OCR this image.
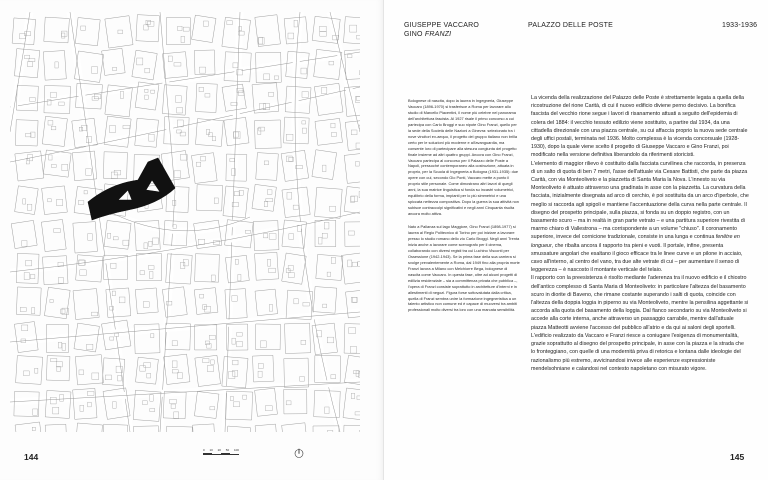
144
0 10 20 50 100
GIUSEPPE VACCARO
GINO FRANZI
PALAZZO DELLE POSTE	1933-1936

Bolognese di nascita, dopo la laurea in Ingegneria, Giuseppe Vaccaro (1896-1970) si trasferisce a Roma per lavorare allo studio di Marcello Piacentini, il nome più celebre nel panorama dell'architettura fascista. Al 1927 risale il primo concorso a cui partecipa con Carlo Broggi e suo nipote Gino Franzi, quello per la sede della Società delle Nazioni a Ginevra: selezionato tra i nove vincitori ex-aequo, il progetto del gruppo italiano non brilla certo per le soluzioni più moderne e all'avanguardia, ma consente loro di partecipare alla stesura congiunta del progetto finale insieme ad altri quattro gruppi. Ancora con Gino Franzi, Vaccaro partecipa al concorso per il Palazzo delle Poste a Napoli, pressoché contemporaneo alla costruzione, attuata in proprio, per la Scuola di Ingegneria a Bologna (1931-1935): due opere con cui, secondo Gio Ponti, Vaccaro mette a punto il proprio stile personale. Come dimostrano altri lavori di quegli anni, la sua matrice linguistica si fonda su incastri volumetrici, equilibrio della forma, impianti per lo più simmetrici e una spiccata nettezza compositiva. Dopo la guerra la sua attività non subisce contraccolpi significativi e negli anni Cinquanta risulta ancora molto attiva.

Nato a Pallanza sul lago Maggiore, Gino Franzi (1898-1977) si laurea al Regio Politecnico di Torino per poi iniziare a lavorare presso lo studio romano dello zio Carlo Broggi. Negli anni Trenta inizia anche a lavorare come scenografo per il cinema, collaborando con diversi registi tra cui Luchino Visconti per Ossessione (1942-1943). Se la prima fase della sua carriera si svolge prevalentemente a Roma, dal 1949 fino alla propria morte Franzi lavora a Milano con Melchiorre Bega, bolognese di nascita come Vaccaro. In questa fase, oltre ad alcuni progetti di edilizia residenziale – sia a committenza privata che pubblica –, l'opera di Franzi consiste soprattutto in architetture d'interni e in allestimenti di negozi. Figura forse sottovalutata dalla critica, quella di Franzi sembra unire la formazione ingegneristica a un talento artistico non comune ed è capace di muoversi tra ambiti professionali molto diversi tra loro con una marcata sensibilità.

La vicenda della realizzazione del Palazzo delle Poste è strettamente legata a quella della ricostruzione del rione Carità, di cui il nuovo edificio diviene perno decisivo. La bonifica fascista del vecchio rione segue i lavori di risanamento attuati a seguito dell'epidemia di colera del 1884: il vecchio tessuto edilizio viene sostituito, a partire dal 1934, da una cittadella direzionale con una piazza centrale, su cui affaccia proprio la nuova sede centrale degli uffici postali, terminata nel 1936. Molto complessa è la vicenda concorsuale (1928-1930), dopo la quale viene scelto il progetto di Giuseppe Vaccaro e Gino Franzi, poi modificato nella versione definitiva liberandolo da riferimenti storicisti.

L'elemento di maggior rilievo è costituito dalla facciata curvilinea che raccorda, in presenza di un salto di quota di ben 7 metri, l'asse dell'attuale via Cesare Battisti, che parte da piazza Carità, con via Monteoliveto e la piazzetta di Santa Maria la Nova. L'innesto su via Monteoliveto è attuato attraverso una gradinata in asse con la piazzetta. La curvatura della facciata, inizialmente disegnata ad arco di cerchio, è poi sostituita da un arco d'iperbole, che meglio si raccorda agli spigoli e mantiene l'accentuazione della curva nella parte centrale. Il disegno del prospetto principale, sulla piazza, si fonda su un doppio registro, con un basamento scuro – ma in realtà in gran parte vetrato – e una partitura superiore rivestita di marmo chiaro di Vallestrona – ma corrispondente a un volume "chiuso". Il coronamento superiore, invece del cornicione tradizionale, consiste in una lunga e continua fenêtre en longueur, che ribalta ancora il rapporto tra pieni e vuoti. Il portale, infine, presenta smussature angolari che esaltano il gioco efficace tra le linee curve e un pilone in acciaio, cavo all'interno, al centro del vano, tra due alte vetrate di cui – per aumentare il senso di leggerezza – è nascosto il montante verticale del telaio.

Il rapporto con la preesistenza è risolto mediante l'aderenza tra il nuovo edificio e il chiostro dell'antico complesso di Santa Maria di Monteoliveto: in particolare l'altezza del basamento scuro in diorite di Baveno, che rimane costante superando i salti di quota, coincide con l'altezza della doppia loggia in piperno su via Monteoliveto, mentre la pensilina aggettante si accorda alla quota del basamento della loggia. Dal fianco secondario su via Monteoliveto si accede alla corte interna, anche attraverso un passaggio carrabile, mentre dall'attuale piazza Matteotti avviene l'accesso del pubblico all'atrio e da qui ai saloni degli sportelli.

L'edificio realizzato da Vaccaro e Franzi riesce a coniugare l'esigenza di monumentalità, grazie soprattutto al disegno del prospetto principale, in asse con la piazza e la strada che lo fronteggiano, con quelle di una modernità priva di retorica e lontana dalle ideologie del razionalismo più estremo, avvicinandosi invece alle esperienze espressioniste mendelsohniane e calandosi nel contesto napoletano con misurato vigore.

145
